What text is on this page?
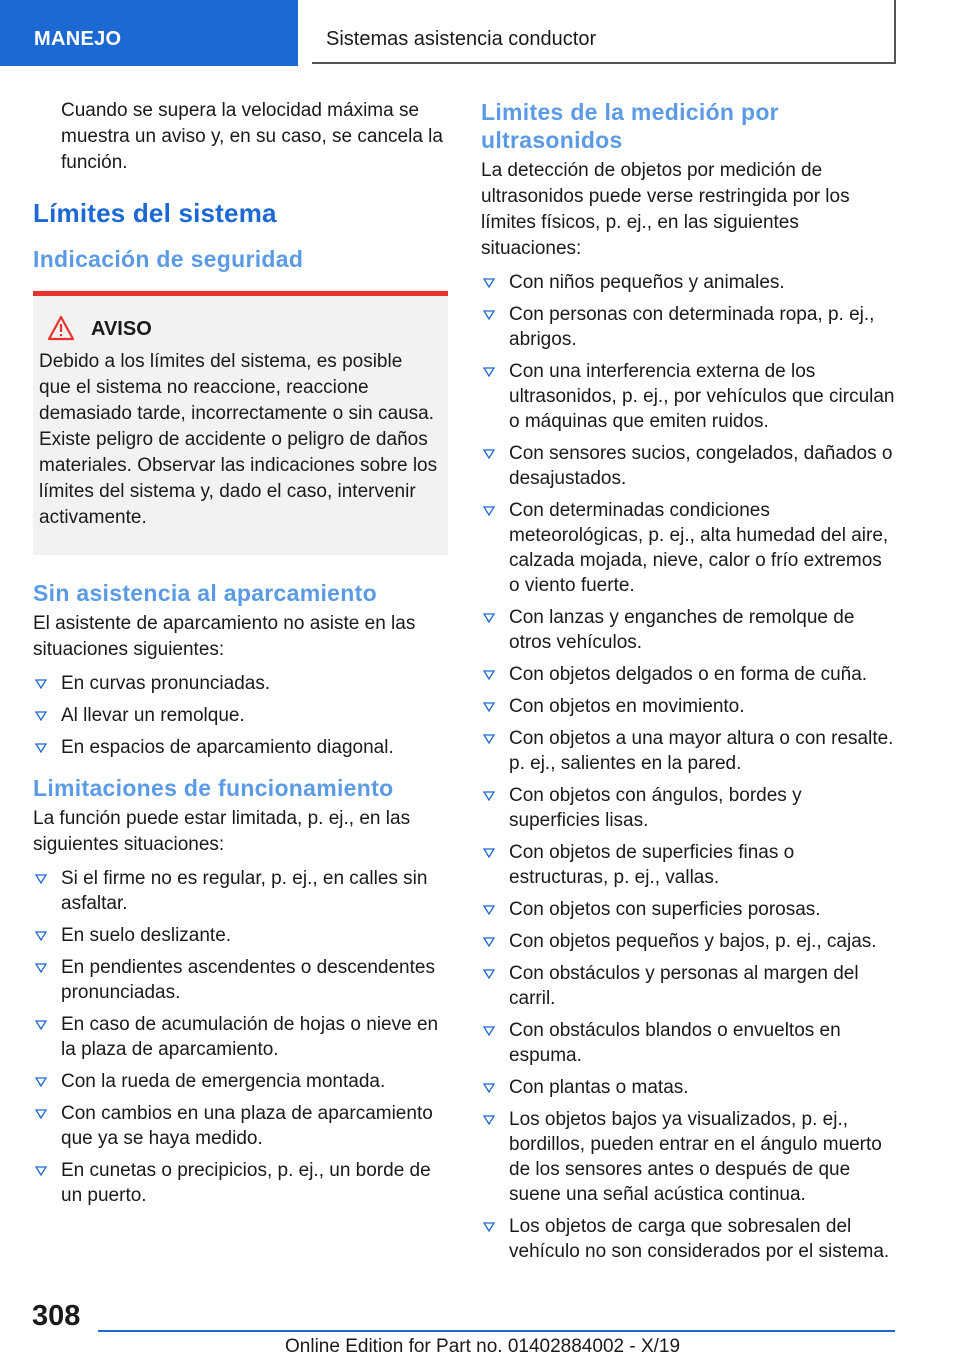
MANEJO	Sistemas asistencia conductor

Cuando se supera la velocidad máxima se muestra un aviso y, en su caso, se cancela la función.

Límites del sistema
Indicación de seguridad
AVISO
Debido a los límites del sistema, es posible que el sistema no reaccione, reaccione demasiado tarde, incorrectamente o sin causa. Existe peligro de accidente o peligro de daños materiales. Observar las indicaciones sobre los límites del sistema y, dado el caso, intervenir activamente.
Sin asistencia al aparcamiento

El asistente de aparcamiento no asiste en las situaciones siguientes:

En curvas pronunciadas.
Al llevar un remolque.
En espacios de aparcamiento diagonal.
Limitaciones de funcionamiento

La función puede estar limitada, p. ej., en las siguientes situaciones:

Si el firme no es regular, p. ej., en calles sin asfaltar.
En suelo deslizante.
En pendientes ascendentes o descendentes pronunciadas.
En caso de acumulación de hojas o nieve en la plaza de aparcamiento.
Con la rueda de emergencia montada.
Con cambios en una plaza de aparcamiento que ya se haya medido.
En cunetas o precipicios, p. ej., un borde de un puerto.
Limites de la medición por ultrasonidos

La detección de objetos por medición de ultrasonidos puede verse restringida por los límites físicos, p. ej., en las siguientes situaciones:

Con niños pequeños y animales.
Con personas con determinada ropa, p. ej., abrigos.
Con una interferencia externa de los ultrasonidos, p. ej., por vehículos que circulan o máquinas que emiten ruidos.
Con sensores sucios, congelados, dañados o desajustados.
Con determinadas condiciones meteorológicas, p. ej., alta humedad del aire, calzada mojada, nieve, calor o frío extremos o viento fuerte.
Con lanzas y enganches de remolque de otros vehículos.
Con objetos delgados o en forma de cuña.
Con objetos en movimiento.
Con objetos a una mayor altura o con resalte. p. ej., salientes en la pared.
Con objetos con ángulos, bordes y superficies lisas.
Con objetos de superficies finas o estructuras, p. ej., vallas.
Con objetos con superficies porosas.
Con objetos pequeños y bajos, p. ej., cajas.
Con obstáculos y personas al margen del carril.
Con obstáculos blandos o envueltos en espuma.
Con plantas o matas.
Los objetos bajos ya visualizados, p. ej., bordillos, pueden entrar en el ángulo muerto de los sensores antes o después de que suene una señal acústica continua.
Los objetos de carga que sobresalen del vehículo no son considerados por el sistema.
308
Online Edition for Part no. 01402884002 - X/19
